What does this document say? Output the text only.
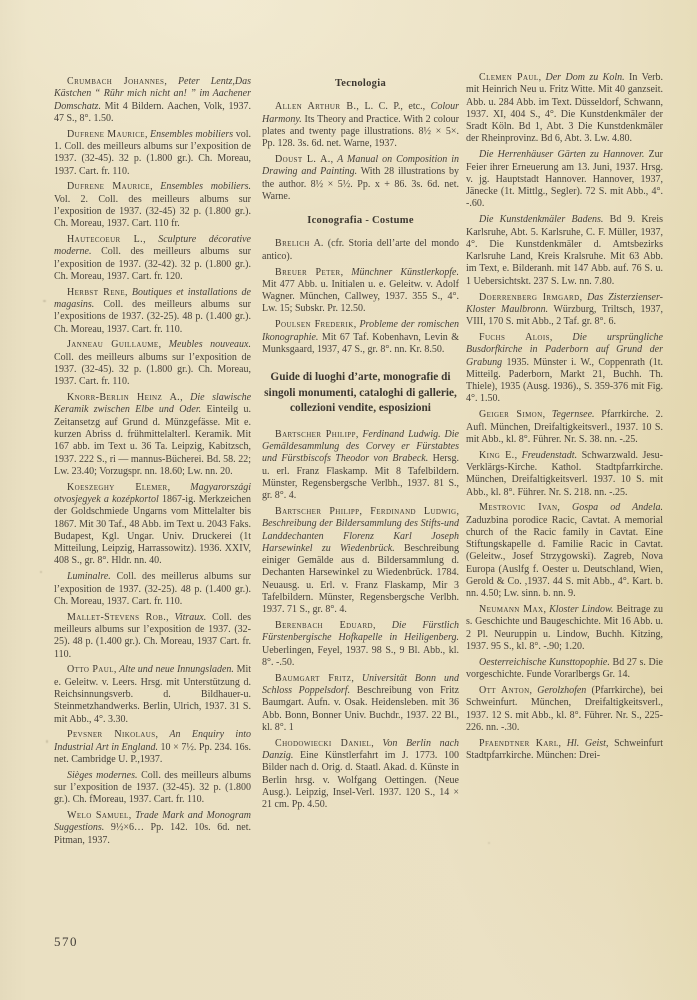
Crumbach Johannes, Peter Lentz,Das Kästchen “ Rühr mich nicht an! ” im Aachener Domschatz. Mit 4 Bildern. Aachen, Volk, 1937. 47 S., 8°. 1.50.

Dufrene Maurice, Ensembles mobiliers vol. 1. Coll. des meilleurs albums sur l’exposition de 1937. (32-45). 32 p. (1.800 gr.). Ch. Moreau, 1937. Cart. fr. 110.

Dufrene Maurice, Ensembles mobiliers. Vol. 2. Coll. des meilleurs albums sur l’exposition de 1937. (32-45) 32 p. (1.800 gr.). Ch. Moreau, 1937. Cart. 110 fr.

Hautecoeur L., Sculpture décorative moderne. Coll. des meilleurs albums sur l’exposition de 1937. (32-42). 32 p. (1.800 gr.). Ch. Moreau, 1937. Cart. fr. 120.

Herbst Rene, Boutiques et installations de magasins. Coll. des meilleurs albums sur l’expositions de 1937. (32-25). 48 p. (1.400 gr.). Ch. Moreau, 1937. Cart. fr. 110.

Janneau Guillaume, Meubles nouveaux. Coll. des meilleurs albums sur l’exposition de 1937. (32-45). 32 p. (1.800 gr.). Ch. Moreau, 1937. Cart. fr. 110.

Knorr-Berlin Heinz A., Die slawische Keramik zwischen Elbe und Oder. Einteilg u. Zeitansetzg auf Grund d. Münzgefässe. Mit e. kurzen Abriss d. frühmittelalterl. Keramik. Mit 167 abb. im Text u. 36 Ta. Leipzig, Kabitzsch, 1937. 222 S., ri — mannus-Bücherei. Bd. 58. 22; Lw. 23.40; Vorzugspr. nn. 18.60; Lw. nn. 20.

Koeszeghy Elemer, Magyarországi otvosjegyek a kozépkortol 1867-ig. Merkzeichen der Goldschmiede Ungarns vom Mittelalter bis 1867. Mit 30 Taf., 48 Abb. im Text u. 2043 Faks. Budapest, Kgl. Ungar. Univ. Druckerei (1t Mitteilung, Leipzig, Harrassowitz). 1936. XXIV, 408 S., gr. 8°. Hldr. nn. 40.

Luminalre. Coll. des meillerus albums sur l’exposition de 1937. (32-25). 48 p. (1.400 gr.). Ch. Moreau, 1937. Cart. fr. 110.

Mallet-Stevens Rob., Vitraux. Coll. des meilleurs albums sur l’exposition de 1937. (32-25). 48 p. (1.400 gr.). Ch. Moreau, 1937 Cart. fr. 110.

Otto Paul, Alte und neue Innungsladen. Mit e. Geleitw. v. Leers. Hrsg. mit Unterstützung d. Reichsinnungsverb. d. Bildhauer-u. Steinmetzhandwerks. Berlin, Ulrich, 1937. 31 S. mit Abb., 4°. 3.30.

Pevsner Nikolaus, An Enquiry into Industrial Art in England. 10 × 7½. Pp. 234. 16s. net. Cambridge U. P.,1937.

Sièges modernes. Coll. des meilleurs albums sur l’exposition de 1937. (32-45). 32 p. (1.800 gr.). Ch. fMoreau, 1937. Cart. fr. 110.

Welo Samuel, Trade Mark and Monogram Suggestions. 9½×6… Pp. 142. 10s. 6d. net. Pitman, 1937.

Tecnologia

Allen Arthur B., L. C. P., etc., Colour Harmony. Its Theory and Practice. With 2 colour plates and twenty page illustrations. 8½ × 5×. Pp. 128. 3s. 6d. net. Warne, 1937.

Doust L. A., A Manual on Composition in Drawing and Painting. With 28 illustrations by the author. 8½ × 5½. Pp. x + 86. 3s. 6d. net. Warne.

Iconografia - Costume

Brelich A. (cfr. Storia dell’arte del mondo antico).

Breuer Peter, Münchner Künstlerkopfe. Mit 477 Abb. u. Initialen u. e. Geleitw. v. Adolf Wagner. München, Callwey, 1937. 355 S., 4°. Lw. 15; Subskr. Pr. 12.50.

Poulsen Frederik, Probleme der romischen Ikonographie. Mit 67 Taf. Kobenhavn, Levin & Munksgaard, 1937, 47 S., gr. 8°. nn. Kr. 8.50.

Guide di luoghi d’arte, monografie di singoli monumenti, cataloghi di gallerie, collezioni vendite, esposizioni

Bartscher Philipp, Ferdinand Ludwig. Die Gemäldesammlung des Corvey er Fürstabtes und Fürstbiscofs Theodor von Brabeck. Hersg. u. erl. Franz Flaskamp. Mit 8 Tafelbildern. Münster, Regensbergsche Verlbh., 1937. 81 S., gr. 8°. 4.

Bartscher Philipp, Ferdinand Ludwig, Beschreibung der Bildersammlung des Stifts-und Landdechanten Florenz Karl Joseph Harsewinkel zu Wiedenbrück. Beschreibung einiger Gemälde aus d. Bildersammlung d. Dechanten Harsewinkel zu Wiedenbrück. 1784. Neuausg. u. Erl. v. Franz Flaskamp, Mir 3 Tafelbildern. Münster, Regensbergsche Verlbh. 1937. 71 S., gr. 8°. 4.

Berenbach Eduard, Die Fürstlich Fürstenbergische Hofkapelle in Heiligenberg. Ueberlingen, Feyel, 1937. 98 S., 9 Bl. Abb., kl. 8°. -.50.

Baumgart Fritz, Universität Bonn und Schloss Poppelsdorf. Beschreibung von Fritz Baumgart. Aufn. v. Osak. Heidensleben. mit 36 Abb. Bonn, Bonner Univ. Buchdr., 1937. 22 Bl., kl. 8°. 1

Chodowiecki Daniel, Von Berlin nach Danzig. Eine Künstlerfahrt im J. 1773. 100 Bilder nach d. Orig. d. Staatl. Akad. d. Künste in Berlin hrsg. v. Wolfgang Oettingen. (Neue Ausg.). Leipzig, Insel-Verl. 1937. 120 S., 14 × 21 cm. Pp. 4.50.

Clemen Paul, Der Dom zu Koln. In Verb. mit Heinrich Neu u. Fritz Witte. Mit 40 ganzseit. Abb. u. 284 Abb. im Text. Düsseldorf, Schwann, 1937. XI, 404 S., 4°. Die Kunstdenkmäler der Sradt Köln. Bd 1, Abt. 3 Die Kunstdenkmäler der Rheinprovinz. Bd 6, Abt. 3. Lw. 4.80.

Die Herrenhäuser Gärten zu Hannover. Zur Feier ihrer Erneuerung am 13. Juni, 1937. Hrsg. v. jg. Hauptstadt Hannover. Hannover, 1937, Jänecke (1t. Mittlg., Segler). 72 S. mit Abb., 4°. -.60.

Die Kunstdenkmäler Badens. Bd 9. Kreis Karlsruhe, Abt. 5. Karlsruhe, C. F. Müller, 1937, 4°. Die Kunstdenkmäler d. Amtsbezirks Karlsruhe Land, Kreis Kralsruhe. Mit 63 Abb. im Text, e. Bilderanh. mit 147 Abb. auf. 76 S. u. 1 Uebersichtskt. 237 S. Lw. nn. 7.80.

Doerrenberg Irmgard, Das Zisterzienser-Kloster Maulbronn. Würzburg, Triltsch, 1937, VIII, 170 S. mit Abb., 2 Taf. gr. 8°. 6.

Fuchs Alois, Die ursprüngliche Busdorfkirche in Paderborn auf Grund der Grabung 1935. Münster i. W., Coppenrath (1t. Mitteilg. Paderborn, Markt 21, Buchh. Th. Thiele), 1935 (Ausg. 1936)., S. 359-376 mit Fig. 4°. 1.50.

Geiger Simon, Tegernsee. Pfarrkirche. 2. Aufl. München, Dreifaltigkeitsverl., 1937. 10 S. mit Abb., kl. 8°. Führer. Nr. S. 38. nn. -.25.

King E., Freudenstadt. Schwarzwald. Jesu-Verklärgs-Kirche. Kathol. Stadtpfarrkirche. München, Dreifaltigkeitsverl. 1937. 10 S. mit Abb., kl. 8°. Führer. Nr. S. 218. nn. -.25.

Mestrovic Ivan, Gospa od Andela. Zaduzbina porodice Racic, Cavtat. A memorial church of the Racic family in Cavtat. Eine Stiftungskapelle d. Familie Racic in Cavtat. (Geleitw., Josef Strzygowski). Zagreb, Nova Europa (Auslfg f. Oester u. Deutschland, Wien, Gerold & Co. ,1937. 44 S. mit Abb., 4°. Kart. b. nn. 4.50; Lw. sinn. b. nn. 9.

Neumann Max, Kloster Lindow. Beitrage zu s. Geschichte und Baugeschichte. Mit 16 Abb. u. 2 Pl. Neuruppin u. Lindow, Buchh. Kitzing, 1937. 95 S., kl. 8°. -.90; 1.20.

Oesterreichische Kunsttopophie. Bd 27 s. Die vorgeschichte. Funde Vorarlbergs Gr. 14.

Ott Anton, Gerolzhofen (Pfarrkirche), bei Schweinfurt. München, Dreifaltigkeitsverl., 1937. 12 S. mit Abb., kl. 8°. Führer. Nr. S., 225-226. nn. -.30.

Pfaendtner Karl, Hl. Geist, Schweinfurt Stadtpfarrkirche. München: Drei-

570
